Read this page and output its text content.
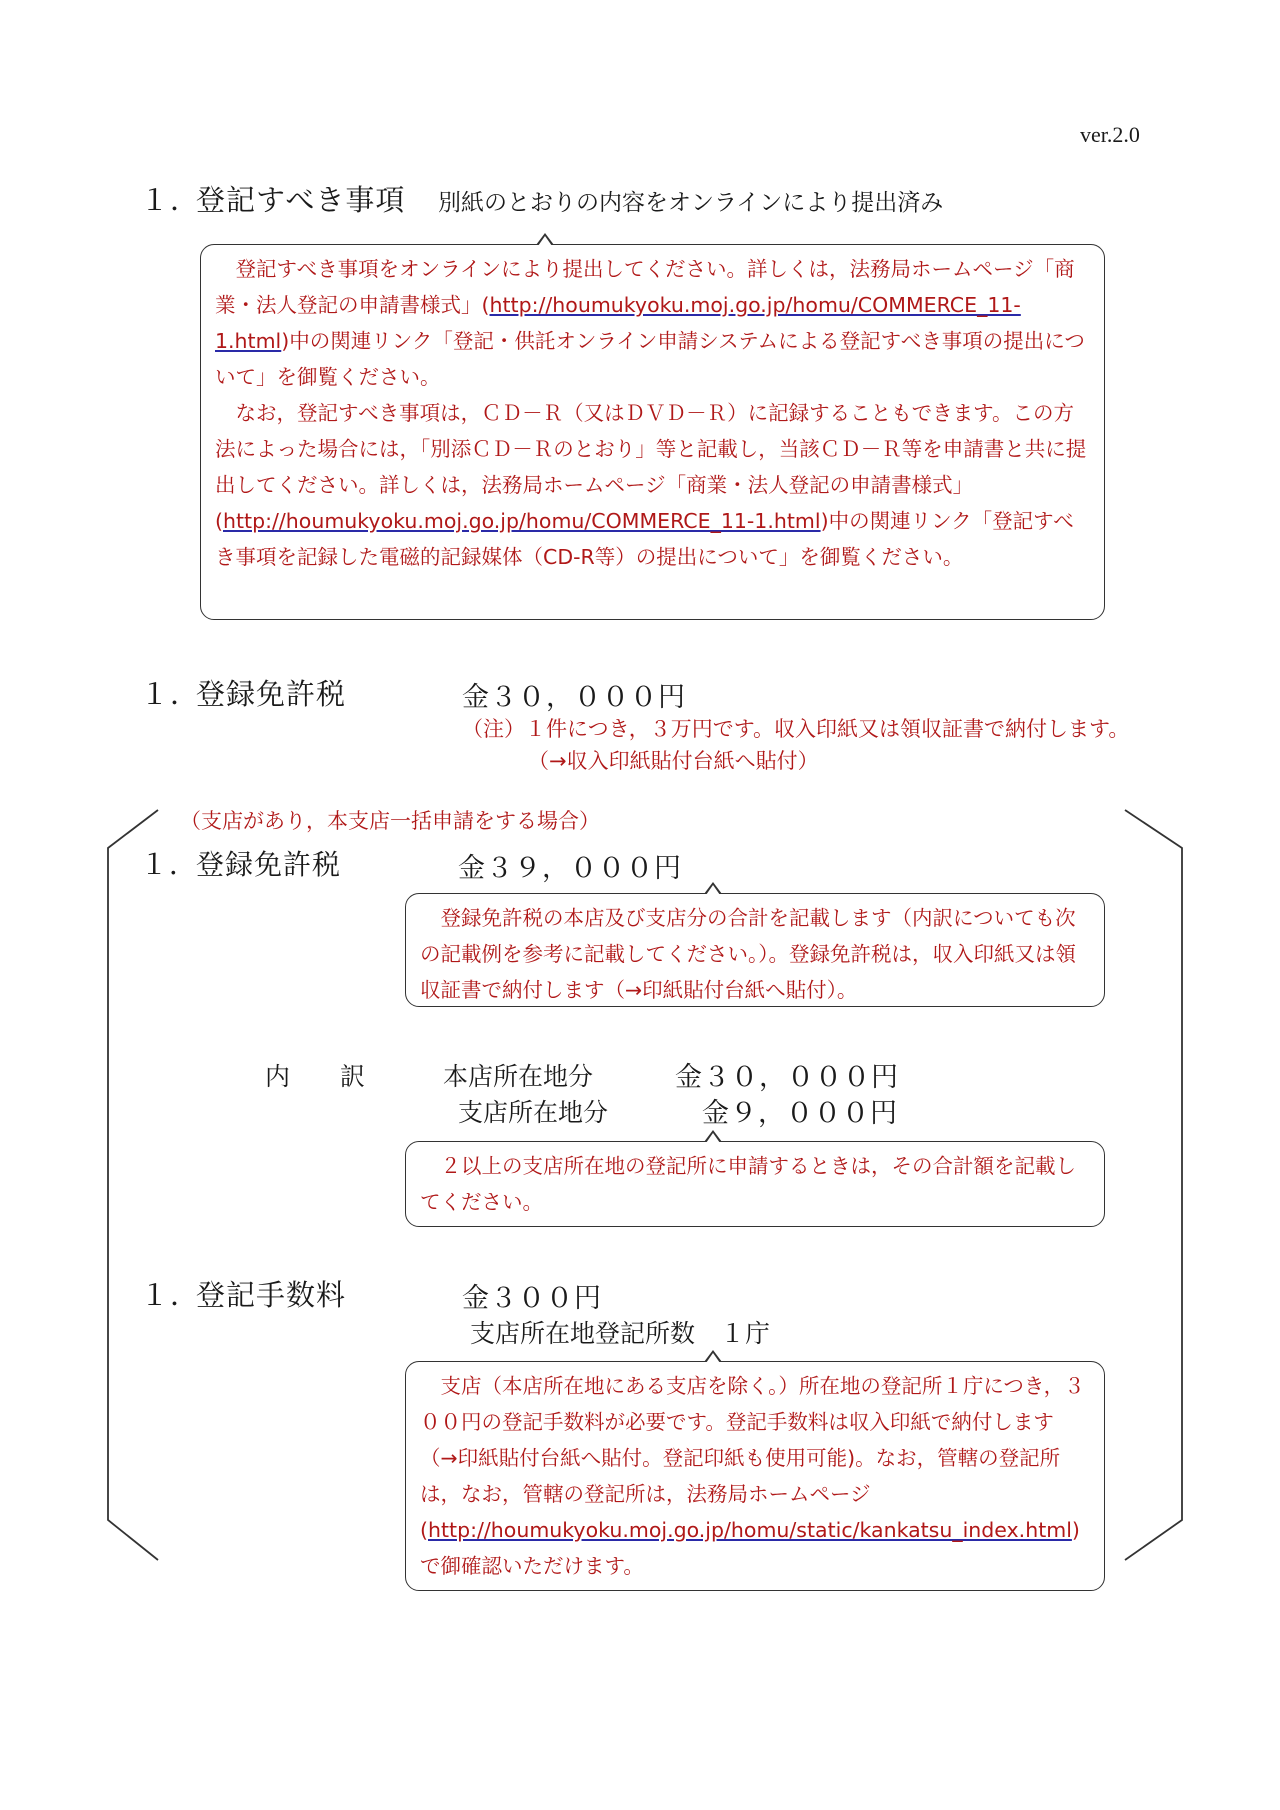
ver.2.0
１．登記すべき事項 別紙のとおりの内容をオンラインにより提出済み

登記すべき事項をオンラインにより提出してください。詳しくは，法務局ホームページ「商業・法人登記の申請書様式」(http://houmukyoku.moj.go.jp/homu/COMMERCE_11-1.html)中の関連リンク「登記・供託オンライン申請システムによる登記すべき事項の提出について」を御覧ください。

なお，登記すべき事項は，ＣＤ－Ｒ（又はＤＶＤ－Ｒ）に記録することもできます。この方法によった場合には，「別添ＣＤ－Ｒのとおり」等と記載し，当該ＣＤ－Ｒ等を申請書と共に提出してください。詳しくは，法務局ホームページ「商業・法人登記の申請書様式」(http://houmukyoku.moj.go.jp/homu/COMMERCE_11-1.html)中の関連リンク「登記すべき事項を記録した電磁的記録媒体（CD-R等）の提出について」を御覧ください。

１．登録免許税	金３０，０００円
（注）１件につき，３万円です。収入印紙又は領収証書で納付します。
（→収入印紙貼付台紙へ貼付）
（支店があり，本支店一括申請をする場合）
１．登録免許税	金３９，０００円

登録免許税の本店及び支店分の合計を記載します（内訳についても次の記載例を参考に記載してください。）。登録免許税は，収入印紙又は領収証書で納付します（→印紙貼付台紙へ貼付）。

内　　訳	本店所在地分	金３０，０００円
支店所在地分	金９，０００円

２以上の支店所在地の登記所に申請するときは，その合計額を記載してください。

１．登記手数料	金３００円
支店所在地登記所数　１庁

支店（本店所在地にある支店を除く。）所在地の登記所１庁につき，３００円の登記手数料が必要です。登記手数料は収入印紙で納付します（→印紙貼付台紙へ貼付。登記印紙も使用可能)。なお，管轄の登記所は，なお，管轄の登記所は，法務局ホームページ(http://houmukyoku.moj.go.jp/homu/static/kankatsu_index.html)で御確認いただけます。
